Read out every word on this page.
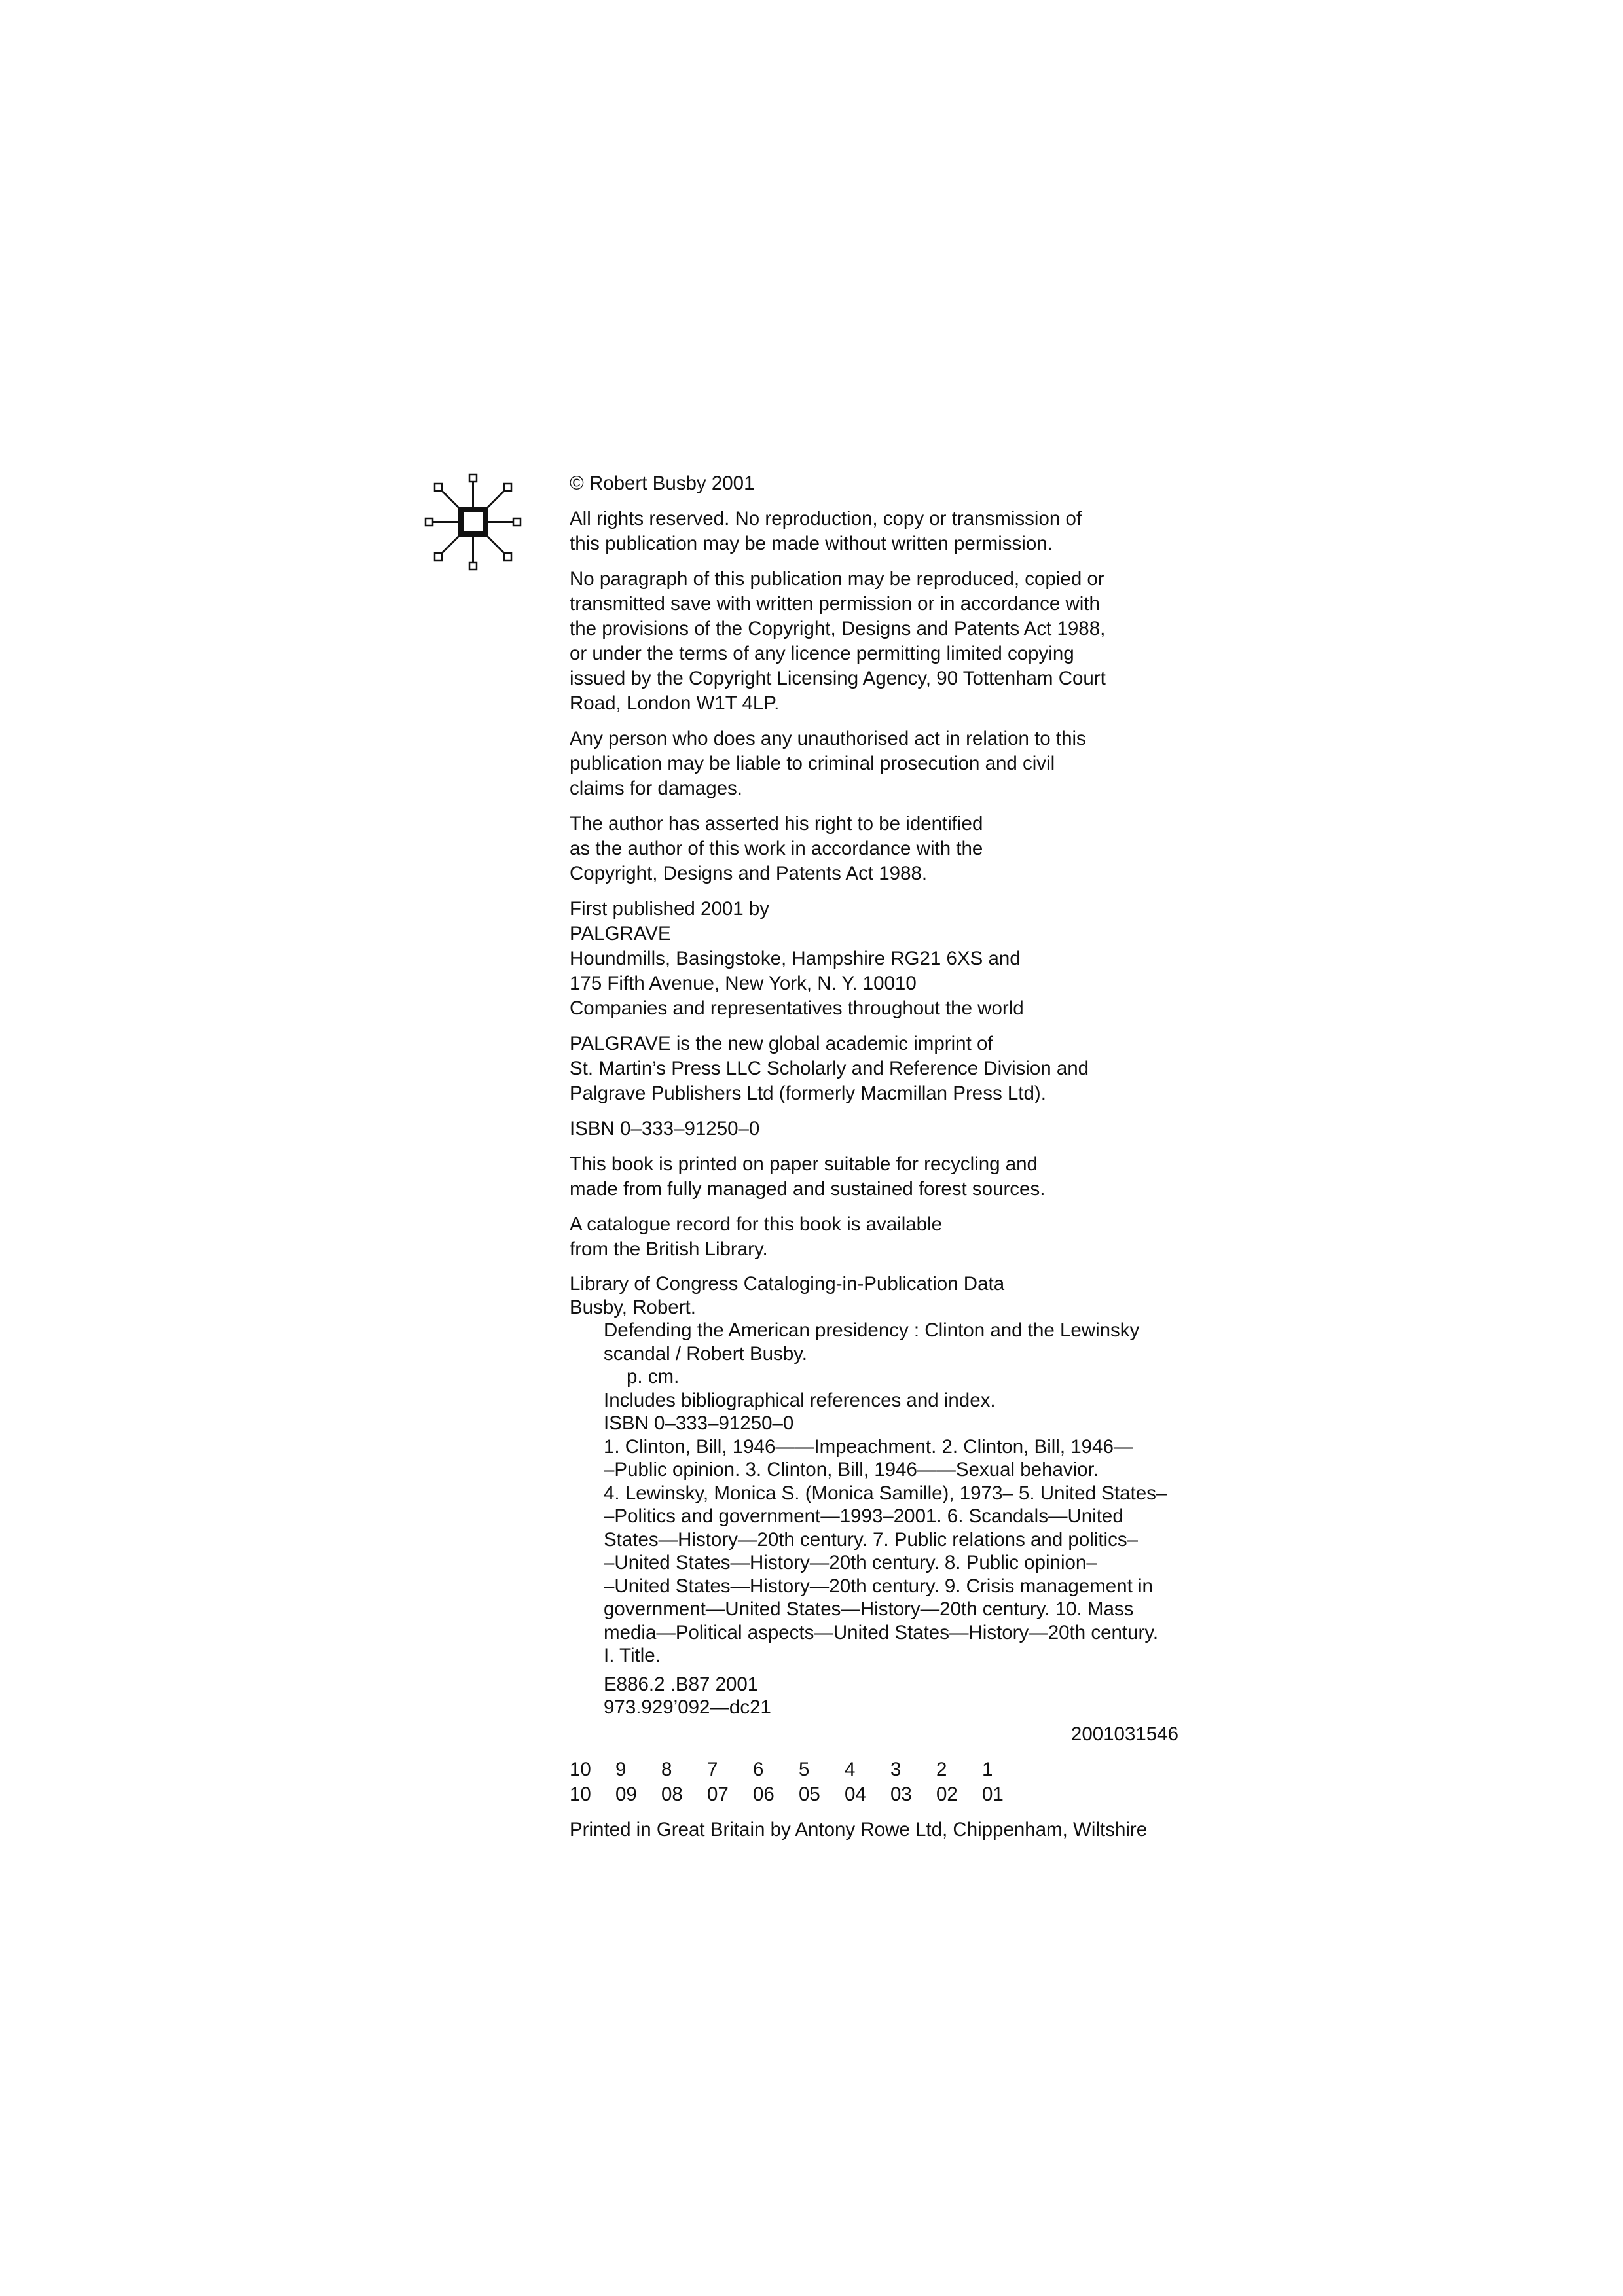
© Robert Busby 2001

All rights reserved. No reproduction, copy or transmission of
this publication may be made without written permission.

No paragraph of this publication may be reproduced, copied or
transmitted save with written permission or in accordance with
the provisions of the Copyright, Designs and Patents Act 1988,
or under the terms of any licence permitting limited copying
issued by the Copyright Licensing Agency, 90 Tottenham Court
Road, London W1T 4LP.

Any person who does any unauthorised act in relation to this
publication may be liable to criminal prosecution and civil
claims for damages.

The author has asserted his right to be identified
as the author of this work in accordance with the
Copyright, Designs and Patents Act 1988.

First published 2001 by
PALGRAVE
Houndmills, Basingstoke, Hampshire RG21 6XS and
175 Fifth Avenue, New York, N. Y. 10010
Companies and representatives throughout the world

PALGRAVE is the new global academic imprint of
St. Martin’s Press LLC Scholarly and Reference Division and
Palgrave Publishers Ltd (formerly Macmillan Press Ltd).

ISBN 0–333–91250–0

This book is printed on paper suitable for recycling and
made from fully managed and sustained forest sources.

A catalogue record for this book is available
from the British Library.

Library of Congress Cataloging-in-Publication Data
Busby, Robert.
Defending the American presidency : Clinton and the Lewinsky
scandal / Robert Busby.
p. cm.
Includes bibliographical references and index.
ISBN 0–333–91250–0
1. Clinton, Bill, 1946——Impeachment. 2. Clinton, Bill, 1946—
–Public opinion. 3. Clinton, Bill, 1946——Sexual behavior.
4. Lewinsky, Monica S. (Monica Samille), 1973– 5. United States–
–Politics and government—1993–2001. 6. Scandals—United
States—History—20th century. 7. Public relations and politics–
–United States—History—20th century. 8. Public opinion–
–United States—History—20th century. 9. Crisis management in
government—United States—History—20th century. 10. Mass
media—Political aspects—United States—History—20th century.
I. Title.
E886.2 .B87 2001
973.929’092—dc21
2001031546
10	9	8	7	6	5	4	3	2	1
10	09	08	07	06	05	04	03	02	01

Printed in Great Britain by Antony Rowe Ltd, Chippenham, Wiltshire
